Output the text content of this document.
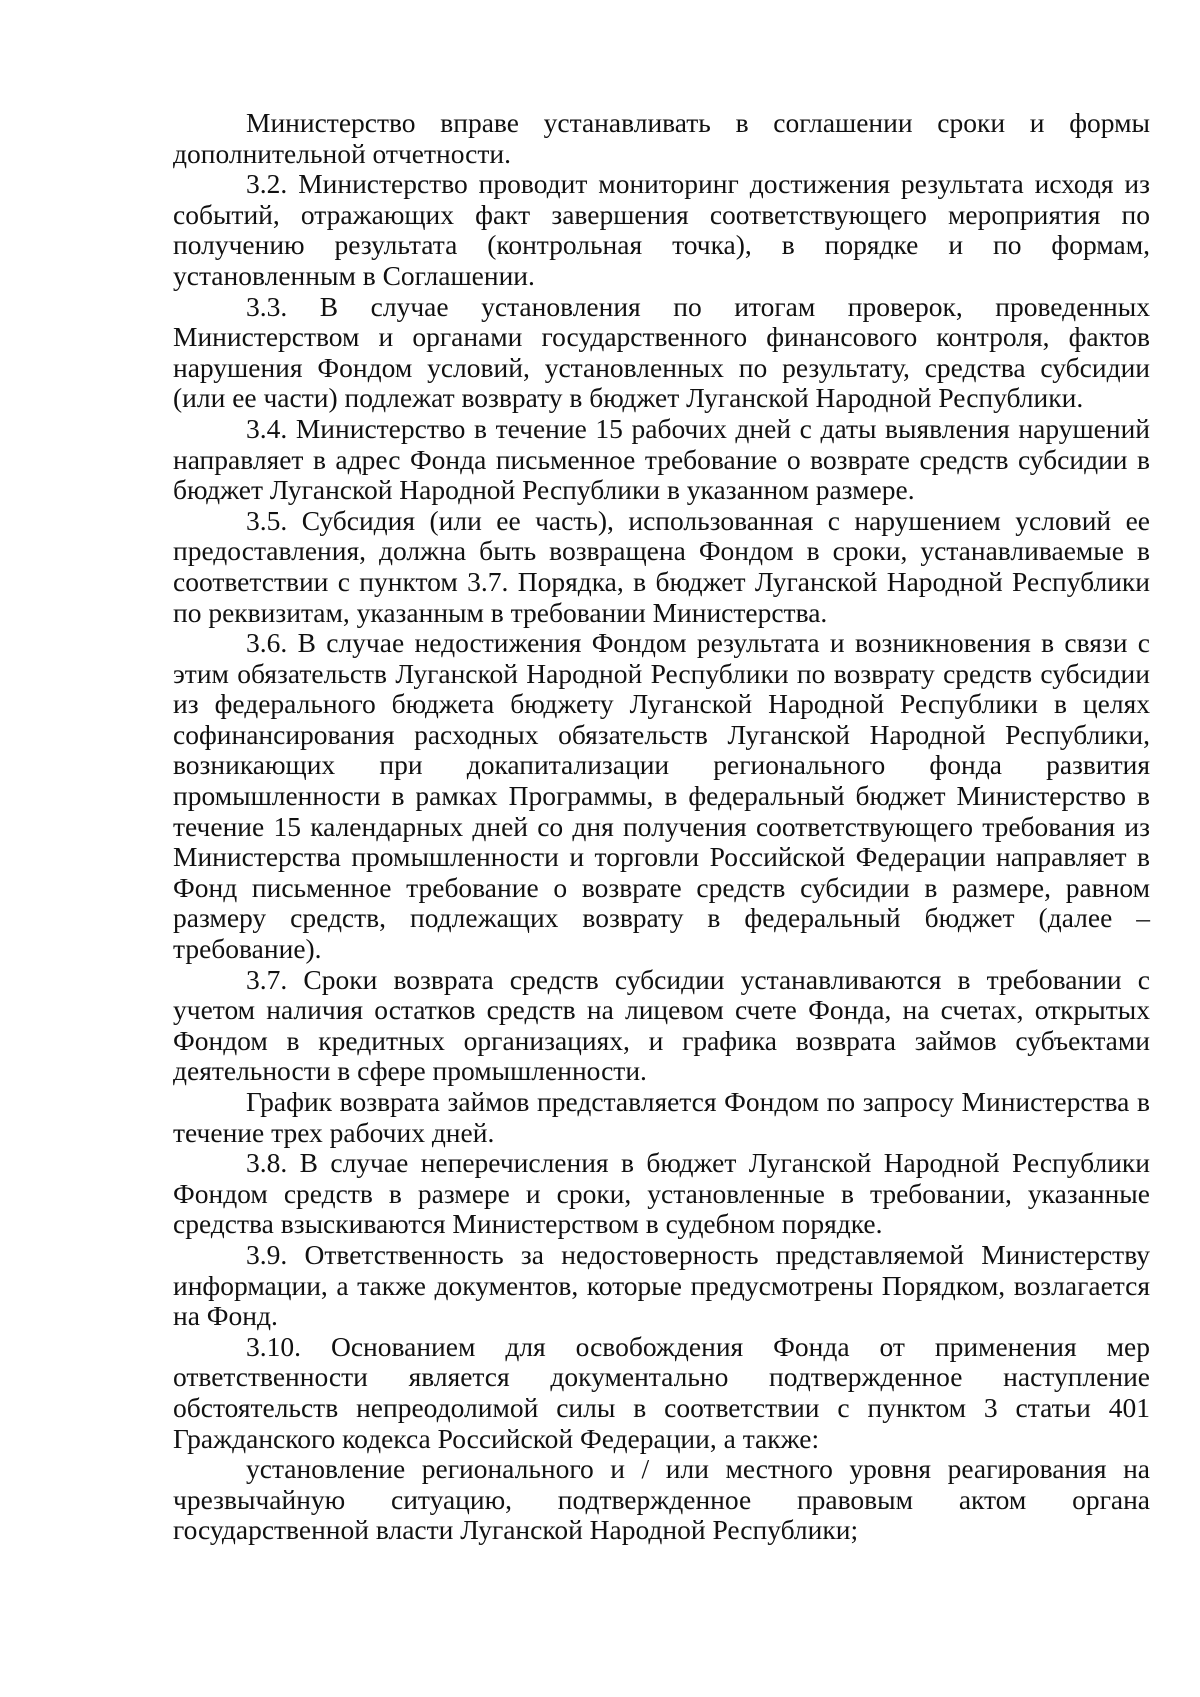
Министерство вправе устанавливать в соглашении сроки и формы дополнительной отчетности.

3.2. Министерство проводит мониторинг достижения результата исходя из событий, отражающих факт завершения соответствующего мероприятия по получению результата (контрольная точка), в порядке и по формам, установленным в Соглашении.

3.3. В случае установления по итогам проверок, проведенных Министерством и органами государственного финансового контроля, фактов нарушения Фондом условий, установленных по результату, средства субсидии (или ее части) подлежат возврату в бюджет Луганской Народной Республики.

3.4. Министерство в течение 15 рабочих дней с даты выявления нарушений направляет в адрес Фонда письменное требование о возврате средств субсидии в бюджет Луганской Народной Республики в указанном размере.

3.5. Субсидия (или ее часть), использованная с нарушением условий ее предоставления, должна быть возвращена Фондом в сроки, устанавливаемые в соответствии с пунктом 3.7. Порядка, в бюджет Луганской Народной Республики по реквизитам, указанным в требовании Министерства.

3.6. В случае недостижения Фондом результата и возникновения в связи с этим обязательств Луганской Народной Республики по возврату средств субсидии из федерального бюджета бюджету Луганской Народной Республики в целях софинансирования расходных обязательств Луганской Народной Республики, возникающих при докапитализации регионального фонда развития промышленности в рамках Программы, в федеральный бюджет Министерство в течение 15 календарных дней со дня получения соответствующего требования из Министерства промышленности и торговли Российской Федерации направляет в Фонд письменное требование о возврате средств субсидии в размере, равном размеру средств, подлежащих возврату в федеральный бюджет (далее – требование).

3.7. Сроки возврата средств субсидии устанавливаются в требовании с учетом наличия остатков средств на лицевом счете Фонда, на счетах, открытых Фондом в кредитных организациях, и графика возврата займов субъектами деятельности в сфере промышленности.

График возврата займов представляется Фондом по запросу Министерства в течение трех рабочих дней.

3.8. В случае неперечисления в бюджет Луганской Народной Республики Фондом средств в размере и сроки, установленные в требовании, указанные средства взыскиваются Министерством в судебном порядке.

3.9. Ответственность за недостоверность представляемой Министерству информации, а также документов, которые предусмотрены Порядком, возлагается на Фонд.

3.10. Основанием для освобождения Фонда от применения мер ответственности является документально подтвержденное наступление обстоятельств непреодолимой силы в соответствии с пунктом 3 статьи 401 Гражданского кодекса Российской Федерации, а также:

установление регионального и / или местного уровня реагирования на чрезвычайную ситуацию, подтвержденное правовым актом органа государственной власти Луганской Народной Республики;
